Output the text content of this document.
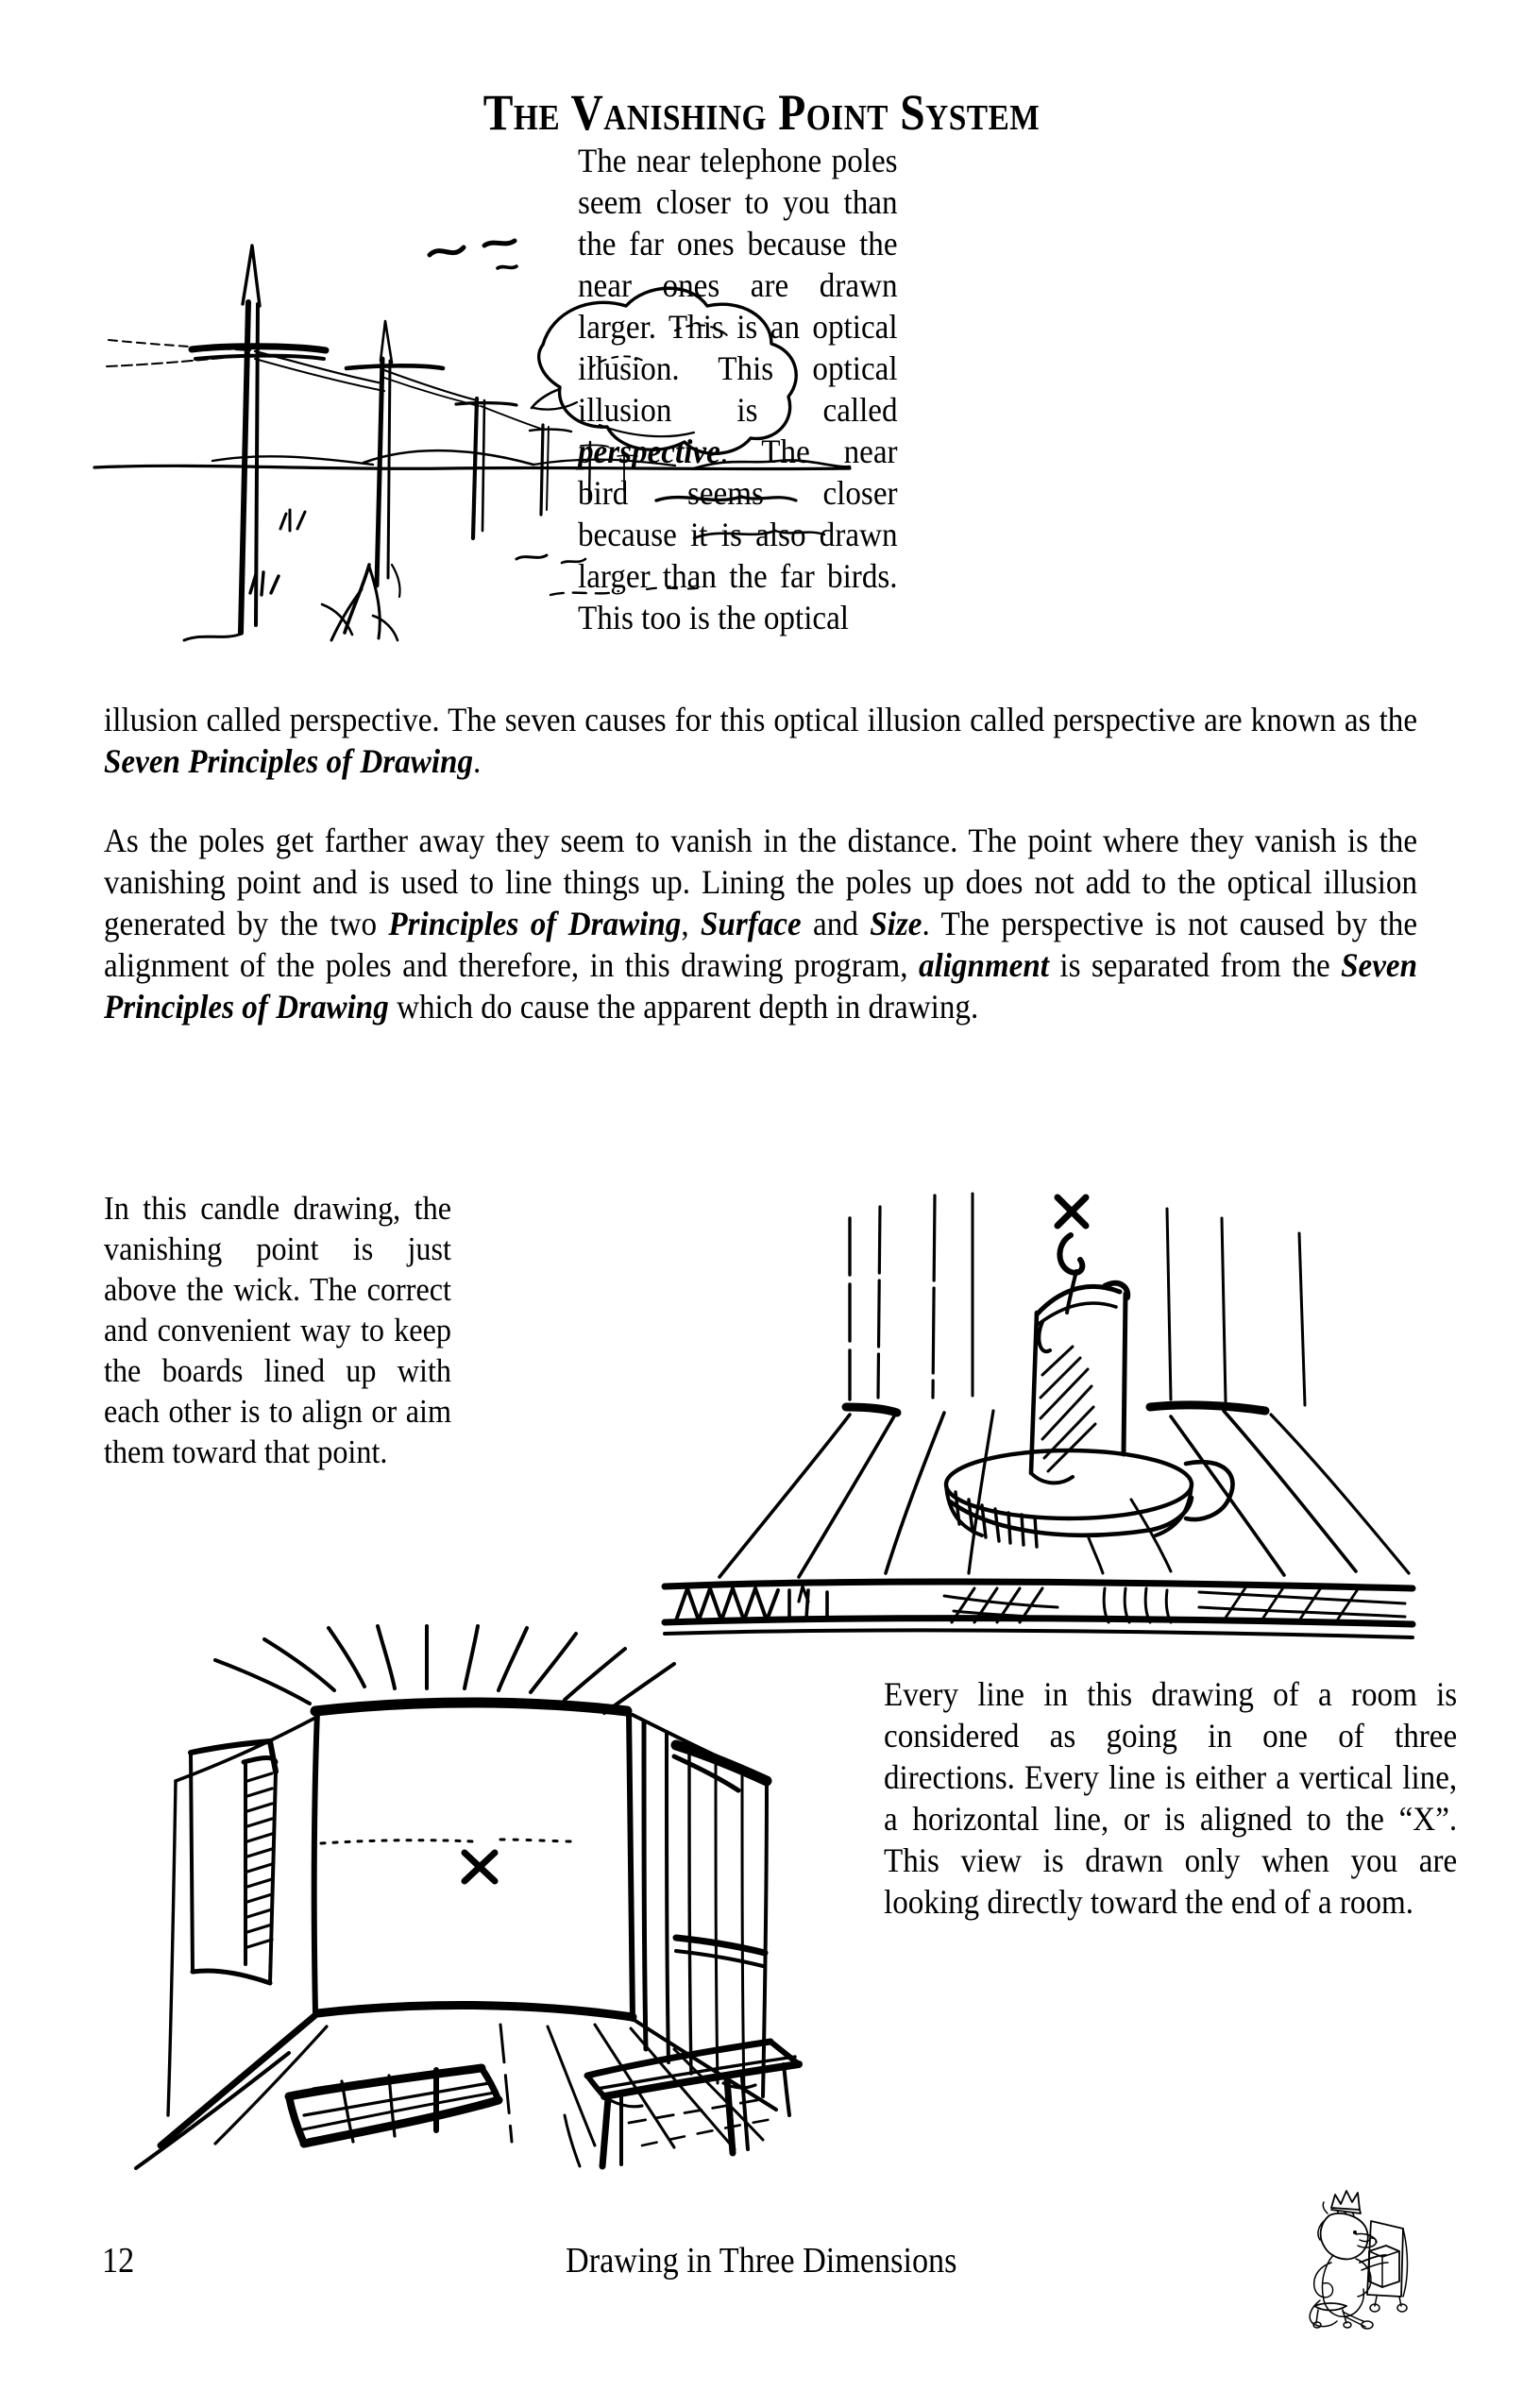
The Vanishing Point System
The near telephone poles seem closer to you than the far ones because the near ones are drawn larger. This is an optical illusion. This optical illusion is called perspective. The near bird seems closer because it is also drawn larger than the far birds. This too is the optical
illusion called perspective. The seven causes for this optical illusion called perspective are known as the Seven Principles of Drawing.
As the poles get farther away they seem to vanish in the distance. The point where they vanish is the vanishing point and is used to line things up. Lining the poles up does not add to the optical illusion generated by the two Principles of Drawing, Surface and Size. The perspective is not caused by the alignment of the poles and therefore, in this drawing program, alignment is separated from the Seven Principles of Drawing which do cause the apparent depth in drawing.
In this candle drawing, the vanishing point is just above the wick. The correct and convenient way to keep the boards lined up with each other is to align or aim them toward that point.
Every line in this drawing of a room is considered as going in one of three directions. Every line is either a vertical line, a horizontal line, or is aligned to the “X”. This view is drawn only when you are looking directly toward the end of a room.
12	Drawing in Three Dimensions
